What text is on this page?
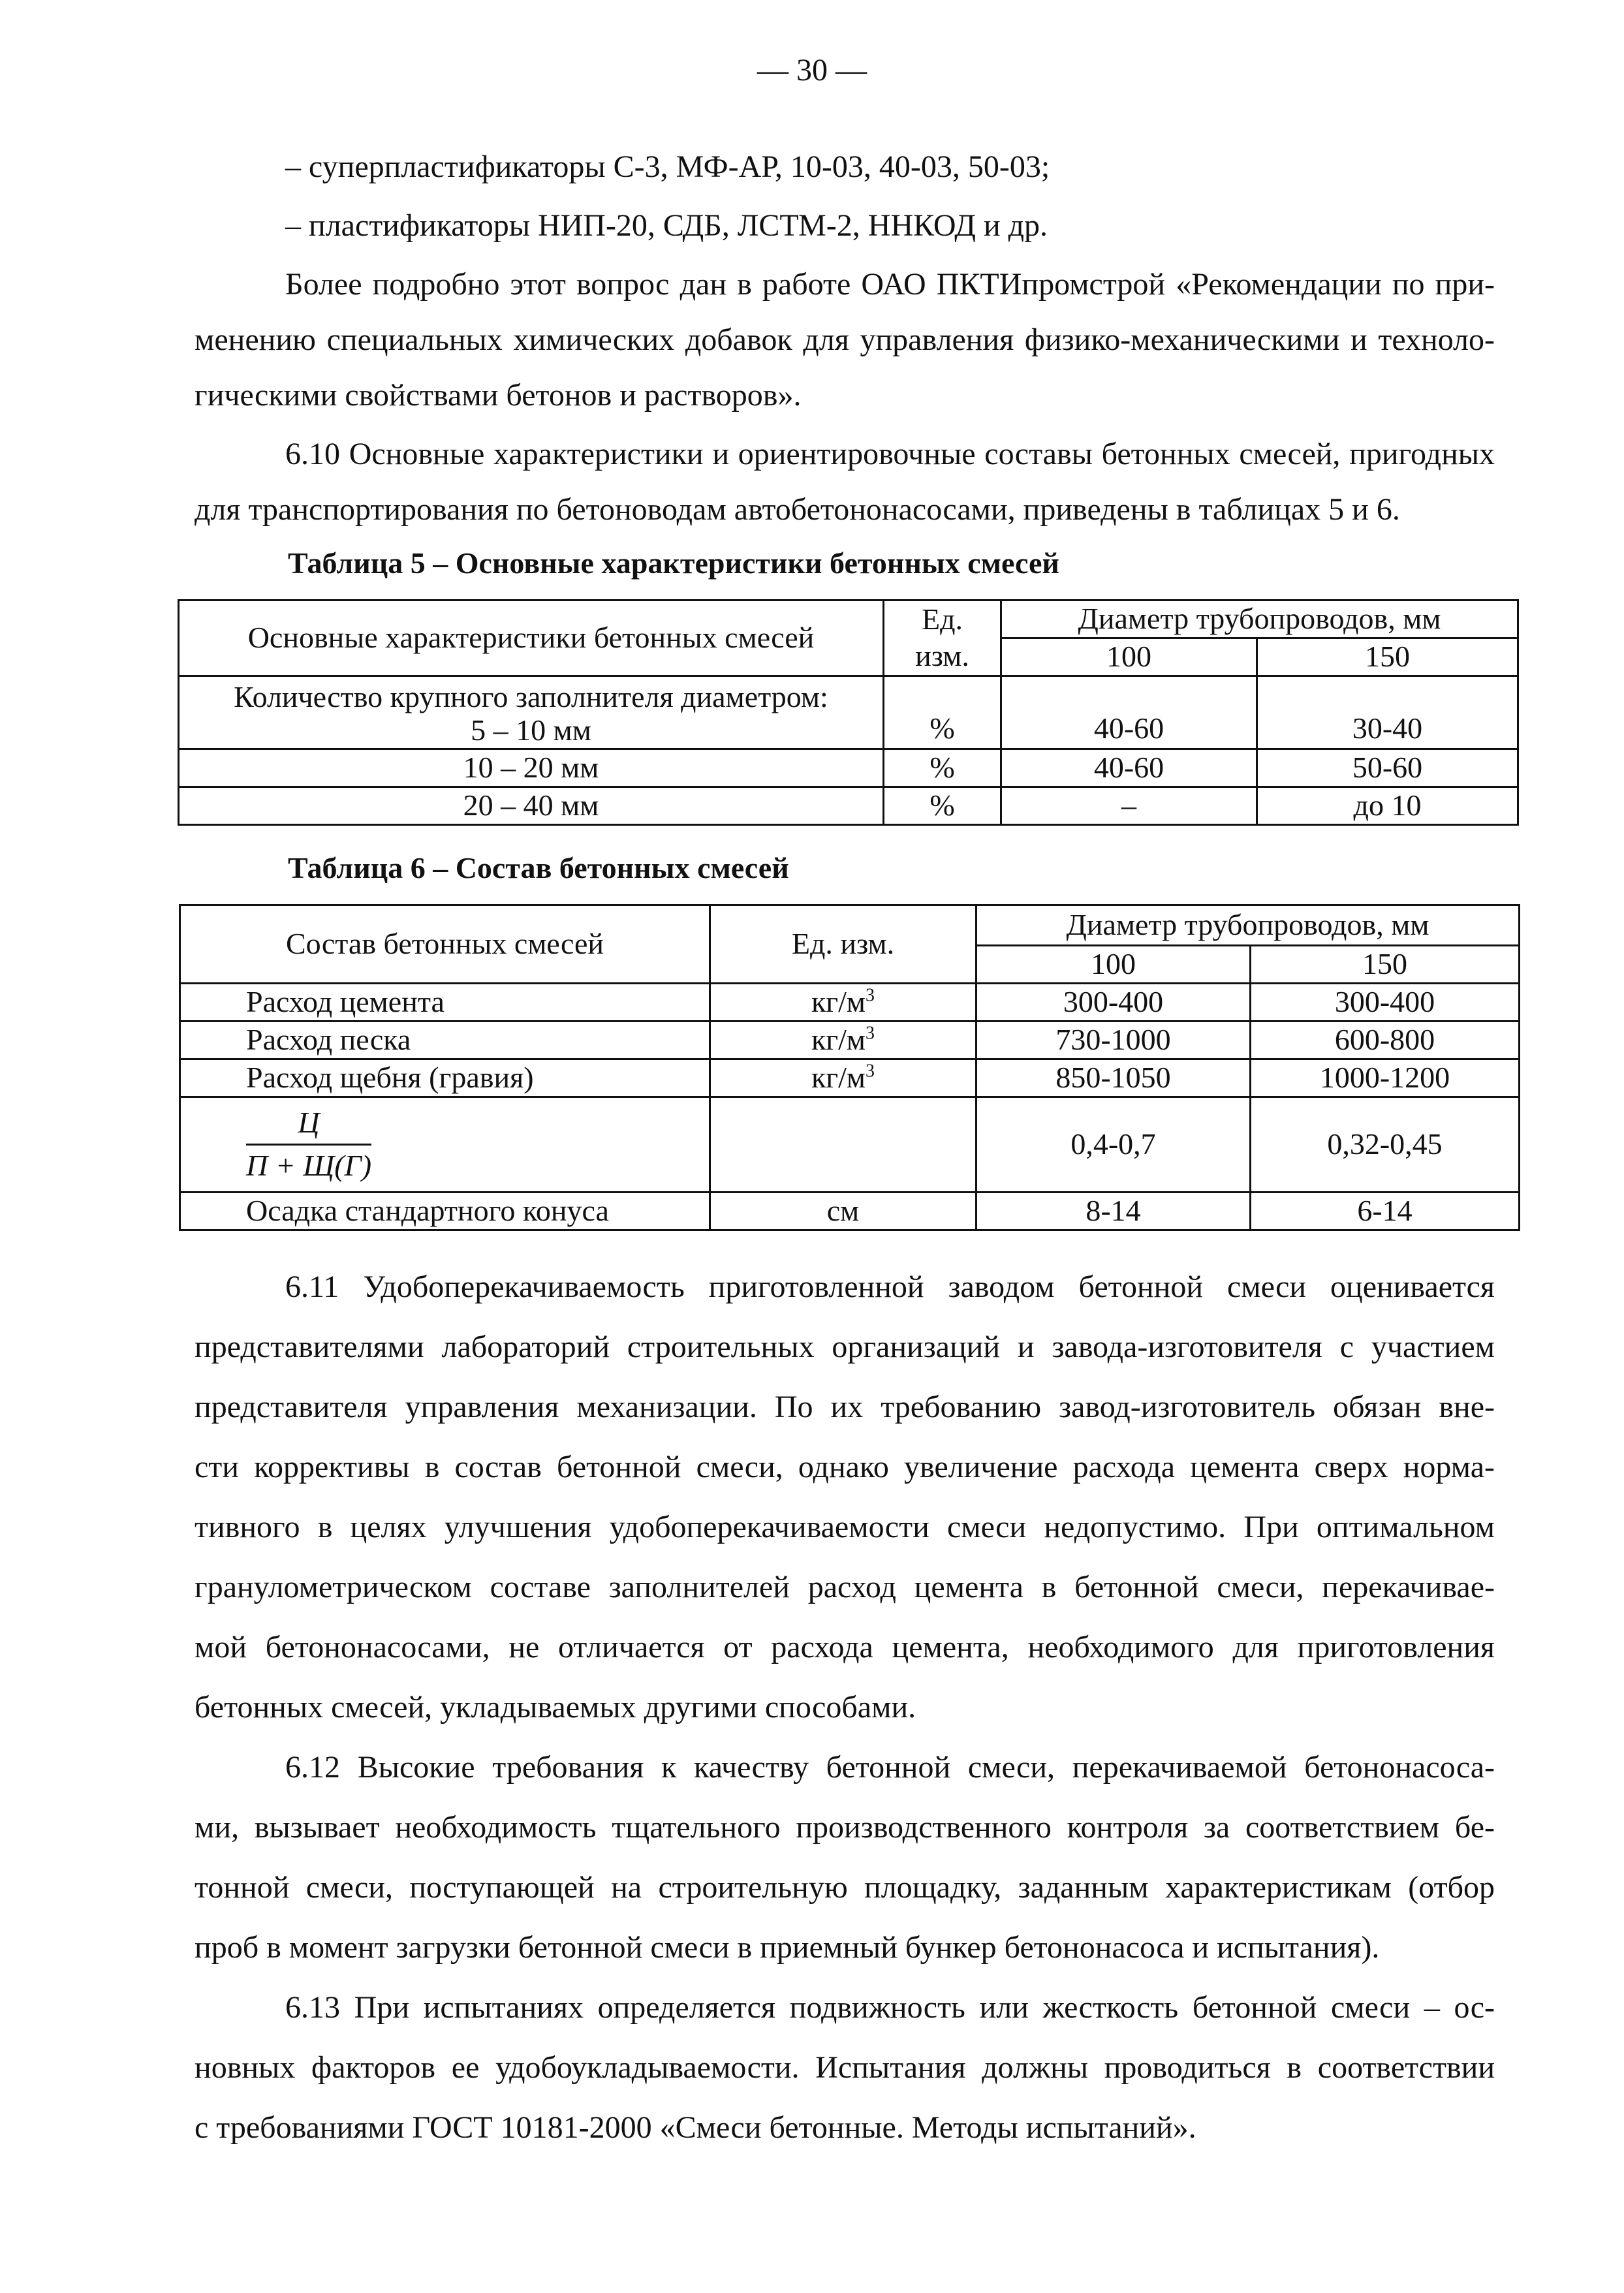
— 30 —
– суперпластификаторы С-3, МФ-АР, 10-03, 40-03, 50-03;
– пластификаторы НИП-20, СДБ, ЛСТМ-2, ННКОД и др.
Более подробно этот вопрос дан в работе ОАО ПКТИпромстрой «Рекомендации по при-
менению специальных химических добавок для управления физико-механическими и техноло-
гическими свойствами бетонов и растворов».
6.10 Основные характеристики и ориентировочные составы бетонных смесей, пригодных
для транспортирования по бетоноводам автобетононасосами, приведены в таблицах 5 и 6.
Таблица 5 – Основные характеристики бетонных смесей
Основные характеристики бетонных смесей	Ед.	Диаметр трубопроводов, мм	
	изм.	100	150

Количество крупного заполнителя диаметром:
5 – 10 мм	%	40-60	30-40
10 – 20 мм	%	40-60	50-60
20 – 40 мм	%	–	до 10
Таблица 6 – Состав бетонных смесей
Состав бетонных смесей	Ед. изм.	Диаметр трубопроводов, мм	
		100	150
Расход цемента	$кг/м^3$	300-400	300-400
Расход песка	$кг/м^3$	730-1000	600-800
Расход щебня (гравия)	$кг/м^3$	850-1050	1000-1200

$\frac{Ц}{П + Щ(Г)}$		0,4-0,7	0,32-0,45
Осадка стандартного конуса	см	8-14	6-14
6.11 Удобоперекачиваемость приготовленной заводом бетонной смеси оценивается
представителями лабораторий строительных организаций и завода-изготовителя с участием
представителя управления механизации. По их требованию завод-изготовитель обязан вне-
сти коррективы в состав бетонной смеси, однако увеличение расхода цемента сверх норма-
тивного в целях улучшения удобоперекачиваемости смеси недопустимо. При оптимальном
гранулометрическом составе заполнителей расход цемента в бетонной смеси, перекачивае-
мой бетононасосами, не отличается от расхода цемента, необходимого для приготовления
бетонных смесей, укладываемых другими способами.
6.12 Высокие требования к качеству бетонной смеси, перекачиваемой бетононасоса-
ми, вызывает необходимость тщательного производственного контроля за соответствием бе-
тонной смеси, поступающей на строительную площадку, заданным характеристикам (отбор
проб в момент загрузки бетонной смеси в приемный бункер бетононасоса и испытания).
6.13 При испытаниях определяется подвижность или жесткость бетонной смеси – ос-
новных факторов ее удобоукладываемости. Испытания должны проводиться в соответствии
с требованиями ГОСТ 10181-2000 «Смеси бетонные. Методы испытаний».
